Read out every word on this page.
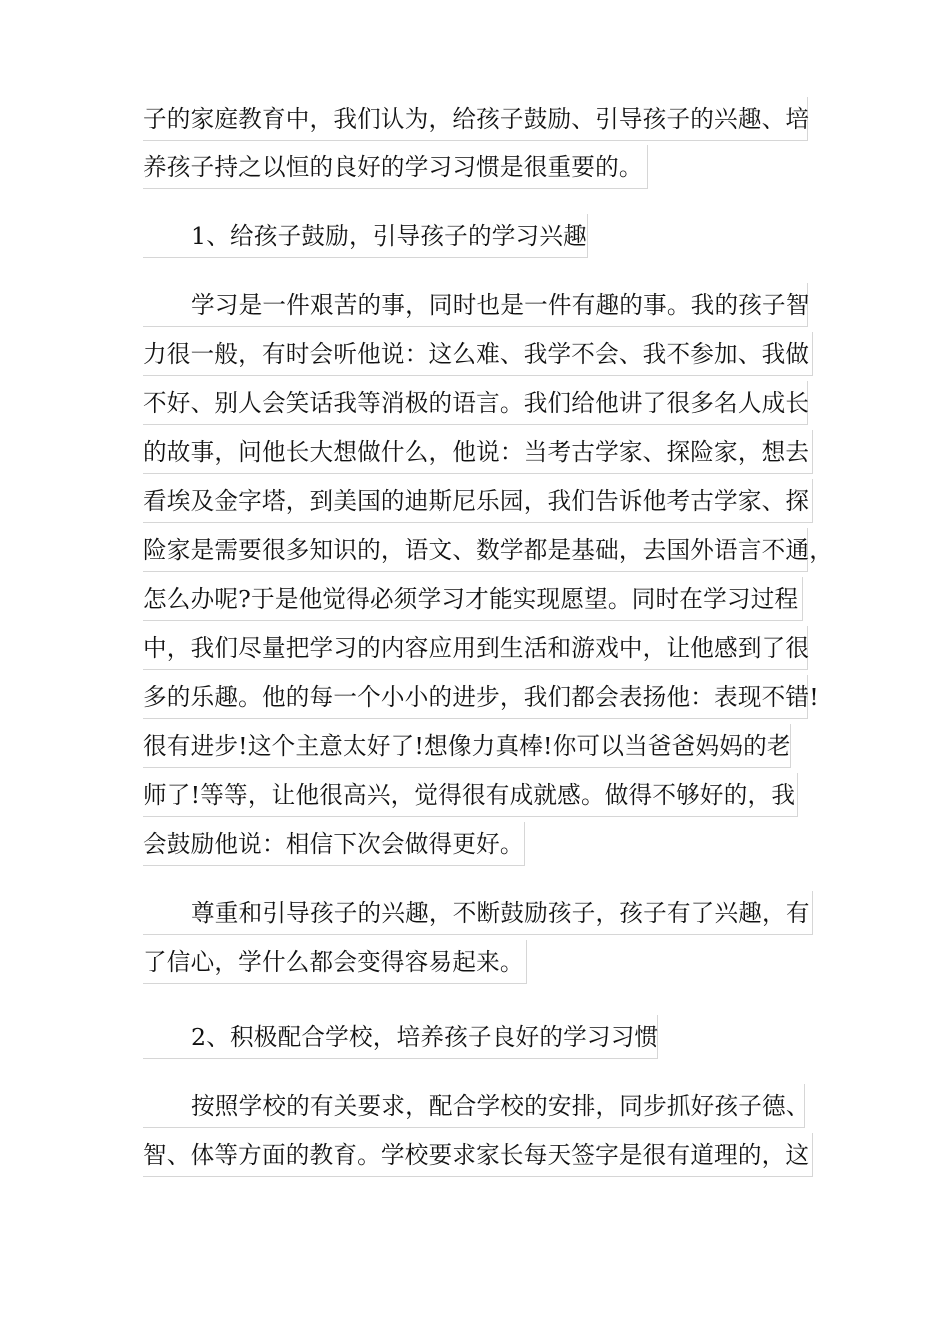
子的家庭教育中，我们认为，给孩子鼓励、引导孩子的兴趣、培
养孩子持之以恒的良好的学习习惯是很重要的。
1、给孩子鼓励，引导孩子的学习兴趣
学习是一件艰苦的事，同时也是一件有趣的事。我的孩子智
力很一般，有时会听他说：这么难、我学不会、我不参加、我做
不好、别人会笑话我等消极的语言。我们给他讲了很多名人成长
的故事，问他长大想做什么，他说：当考古学家、探险家，想去
看埃及金字塔，到美国的迪斯尼乐园，我们告诉他考古学家、探
险家是需要很多知识的，语文、数学都是基础，去国外语言不通，
怎么办呢?于是他觉得必须学习才能实现愿望。同时在学习过程
中，我们尽量把学习的内容应用到生活和游戏中，让他感到了很
多的乐趣。他的每一个小小的进步，我们都会表扬他：表现不错!
很有进步!这个主意太好了!想像力真棒!你可以当爸爸妈妈的老
师了!等等，让他很高兴，觉得很有成就感。做得不够好的，我
会鼓励他说：相信下次会做得更好。
尊重和引导孩子的兴趣，不断鼓励孩子，孩子有了兴趣，有
了信心，学什么都会变得容易起来。
2、积极配合学校，培养孩子良好的学习习惯
按照学校的有关要求，配合学校的安排，同步抓好孩子德、
智、体等方面的教育。学校要求家长每天签字是很有道理的，这
